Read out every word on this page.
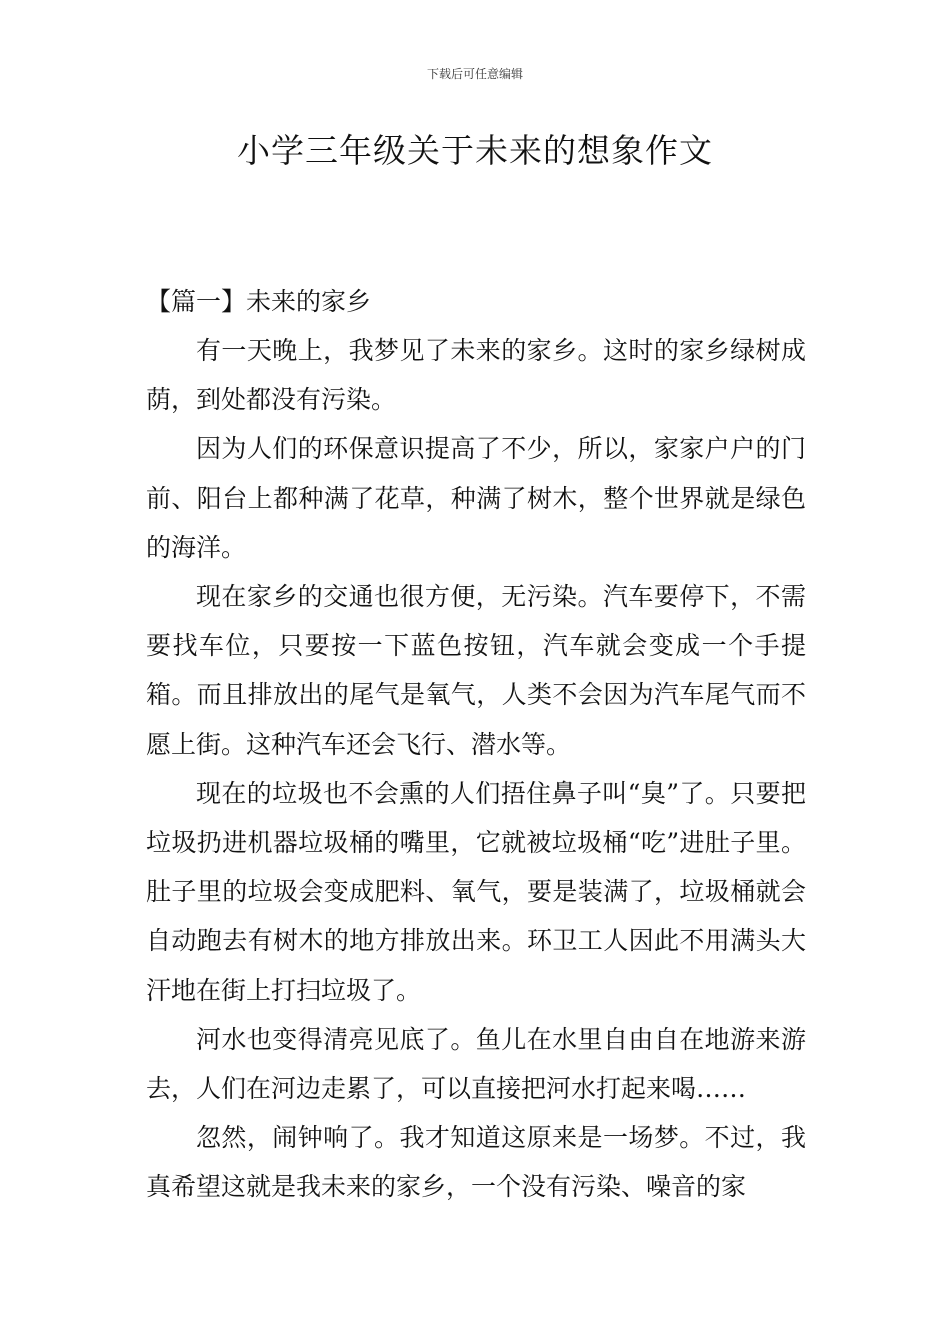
下载后可任意编辑
小学三年级关于未来的想象作文

【篇一】未来的家乡

有一天晚上，我梦见了未来的家乡。这时的家乡绿树成荫，到处都没有污染。

因为人们的环保意识提高了不少，所以，家家户户的门前、阳台上都种满了花草，种满了树木，整个世界就是绿色的海洋。

现在家乡的交通也很方便，无污染。汽车要停下，不需要找车位，只要按一下蓝色按钮，汽车就会变成一个手提箱。而且排放出的尾气是氧气，人类不会因为汽车尾气而不愿上街。这种汽车还会飞行、潜水等。

现在的垃圾也不会熏的人们捂住鼻子叫“臭”了。只要把垃圾扔进机器垃圾桶的嘴里，它就被垃圾桶“吃”进肚子里。肚子里的垃圾会变成肥料、氧气，要是装满了，垃圾桶就会自动跑去有树木的地方排放出来。环卫工人因此不用满头大汗地在街上打扫垃圾了。

河水也变得清亮见底了。鱼儿在水里自由自在地游来游去，人们在河边走累了，可以直接把河水打起来喝……

忽然，闹钟响了。我才知道这原来是一场梦。不过，我真希望这就是我未来的家乡，一个没有污染、噪音的家
